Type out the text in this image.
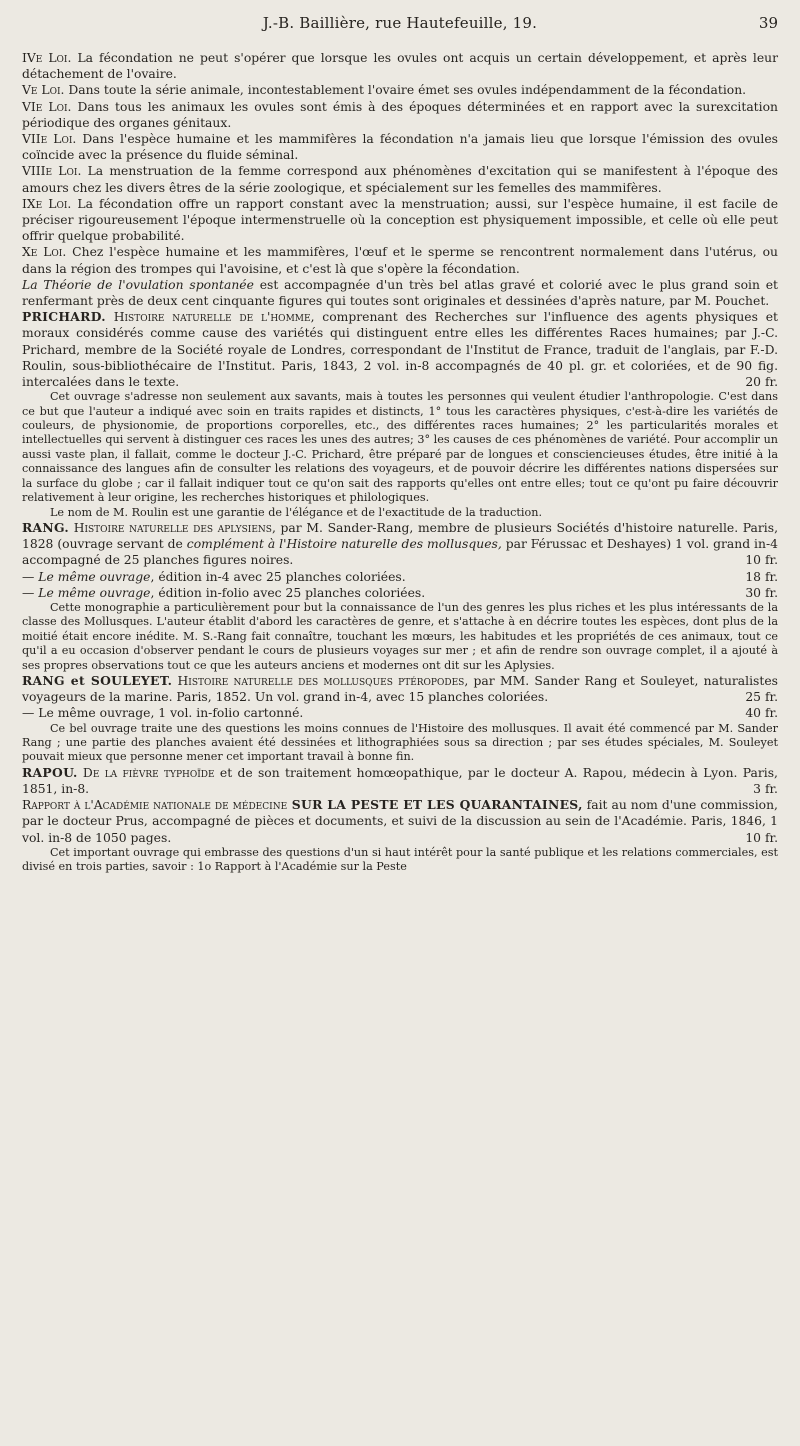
J.-B. Baillière, rue Hautefeuille, 19.	39

IVe Loi. La fécondation ne peut s'opérer que lorsque les ovules ont acquis un certain développement, et après leur détachement de l'ovaire.

Ve Loi. Dans toute la série animale, incontestablement l'ovaire émet ses ovules indépendamment de la fécondation.

VIe Loi. Dans tous les animaux les ovules sont émis à des époques déterminées et en rapport avec la surexcitation périodique des organes génitaux.

VIIe Loi. Dans l'espèce humaine et les mammifères la fécondation n'a jamais lieu que lorsque l'émission des ovules coïncide avec la présence du fluide séminal.

VIIIe Loi. La menstruation de la femme correspond aux phénomènes d'excitation qui se manifestent à l'époque des amours chez les divers êtres de la série zoologique, et spécialement sur les femelles des mammifères.

IXe Loi. La fécondation offre un rapport constant avec la menstruation; aussi, sur l'espèce humaine, il est facile de préciser rigoureusement l'époque intermenstruelle où la conception est physiquement impossible, et celle où elle peut offrir quelque probabilité.

Xe Loi. Chez l'espèce humaine et les mammifères, l'œuf et le sperme se rencontrent normalement dans l'utérus, ou dans la région des trompes qui l'avoisine, et c'est là que s'opère la fécondation.

La Théorie de l'ovulation spontanée est accompagnée d'un très bel atlas gravé et colorié avec le plus grand soin et renfermant près de deux cent cinquante figures qui toutes sont originales et dessinées d'après nature, par M. Pouchet.

PRICHARD. Histoire naturelle de l'homme, comprenant des Recherches sur l'influence des agents physiques et moraux considérés comme cause des variétés qui distinguent entre elles les différentes Races humaines; par J.-C. Prichard, membre de la Société royale de Londres, correspondant de l'Institut de France, traduit de l'anglais, par F.-D. Roulin, sous-bibliothécaire de l'Institut. Paris, 1843, 2 vol. in-8 accompagnés de 40 pl. gr. et coloriées, et de 90 fig. intercalées dans le texte.	20 fr.

Cet ouvrage s'adresse non seulement aux savants, mais à toutes les personnes qui veulent étudier l'anthropologie. C'est dans ce but que l'auteur a indiqué avec soin en traits rapides et distincts, 1° tous les caractères physiques, c'est-à-dire les variétés de couleurs, de physionomie, de proportions corporelles, etc., des différentes races humaines; 2° les particularités morales et intellectuelles qui servent à distinguer ces races les unes des autres; 3° les causes de ces phénomènes de variété. Pour accomplir un aussi vaste plan, il fallait, comme le docteur J.-C. Prichard, être préparé par de longues et consciencieuses études, être initié à la connaissance des langues afin de consulter les relations des voyageurs, et de pouvoir décrire les différentes nations dispersées sur la surface du globe ; car il fallait indiquer tout ce qu'on sait des rapports qu'elles ont entre elles; tout ce qu'ont pu faire découvrir relativement à leur origine, les recherches historiques et philologiques.

Le nom de M. Roulin est une garantie de l'élégance et de l'exactitude de la traduction.

RANG. Histoire naturelle des aplysiens, par M. Sander-Rang, membre de plusieurs Sociétés d'histoire naturelle. Paris, 1828 (ouvrage servant de complément à l'Histoire naturelle des mollusques, par Férussac et Deshayes) 1 vol. grand in-4 accompagné de 25 planches figures noires.	10 fr.

— Le même ouvrage, édition in-4 avec 25 planches coloriées.	18 fr.
— Le même ouvrage, édition in-folio avec 25 planches coloriées.	30 fr.

Cette monographie a particulièrement pour but la connaissance de l'un des genres les plus riches et les plus intéressants de la classe des Mollusques. L'auteur établit d'abord les caractères de genre, et s'attache à en décrire toutes les espèces, dont plus de la moitié était encore inédite. M. S.-Rang fait connaître, touchant les mœurs, les habitudes et les propriétés de ces animaux, tout ce qu'il a eu occasion d'observer pendant le cours de plusieurs voyages sur mer ; et afin de rendre son ouvrage complet, il a ajouté à ses propres observations tout ce que les auteurs anciens et modernes ont dit sur les Aplysies.

RANG et SOULEYET. Histoire naturelle des mollusques ptéropodes, par MM. Sander Rang et Souleyet, naturalistes voyageurs de la marine. Paris, 1852. Un vol. grand in-4, avec 15 planches coloriées.	25 fr.

— Le même ouvrage, 1 vol. in-folio cartonné.	40 fr.

Ce bel ouvrage traite une des questions les moins connues de l'Histoire des mollusques. Il avait été commencé par M. Sander Rang ; une partie des planches avaient été dessinées et lithographiées sous sa direction ; par ses études spéciales, M. Souleyet pouvait mieux que personne mener cet important travail à bonne fin.

RAPOU. De la fièvre typhoïde et de son traitement homœopathique, par le docteur A. Rapou, médecin à Lyon. Paris, 1851, in-8.	3 fr.

Rapport à l'Académie nationale de médecine SUR LA PESTE ET LES QUARANTAINES, fait au nom d'une commission, par le docteur Prus, accompagné de pièces et documents, et suivi de la discussion au sein de l'Académie. Paris, 1846, 1 vol. in-8 de 1050 pages.	10 fr.

Cet important ouvrage qui embrasse des questions d'un si haut intérêt pour la santé publique et les relations commerciales, est divisé en trois parties, savoir : 1o Rapport à l'Académie sur la Peste
